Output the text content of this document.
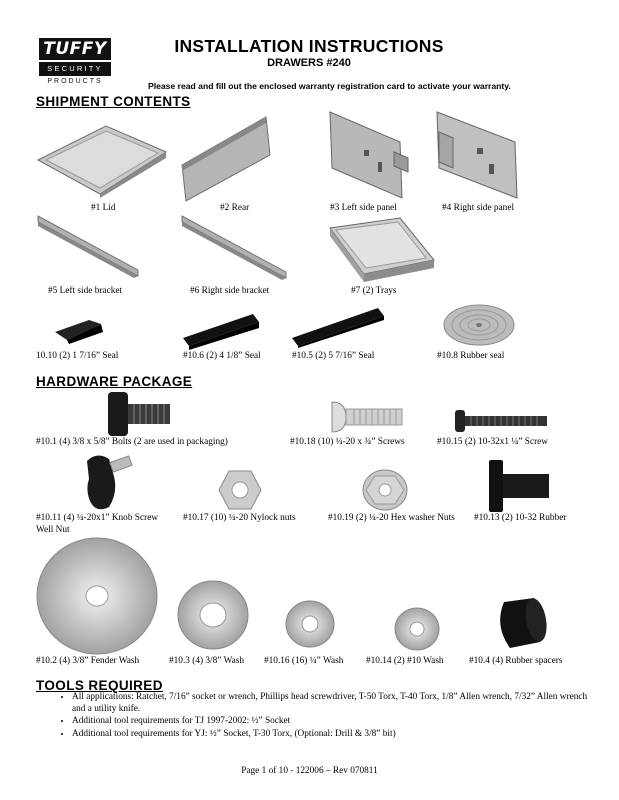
TUFFY
SECURITY
PRODUCTS
INSTALLATION INSTRUCTIONS
DRAWERS #240
Please read and fill out the enclosed warranty registration card to activate your warranty.
SHIPMENT CONTENTS
#1 Lid	#2 Rear	#3 Left side panel	#4 Right side panel
#5 Left side bracket	#6 Right side bracket	#7 (2) Trays
10.10 (2) 1 7/16” Seal	#10.6 (2) 4 1/8” Seal	#10.5 (2) 5 7/16” Seal	#10.8 Rubber seal
HARDWARE PACKAGE
#10.1 (4) 3/8 x 5/8” Bolts (2 are used in packaging)	#10.18 (10) ¼-20 x ¾” Screws	#10.15 (2) 10-32x1 ¼” Screw
#10.11 (4) ¼-20x1” Knob Screw
Well Nut
#10.17 (10) ¼-20 Nylock nuts	#10.19 (2) ¼-20 Hex washer Nuts #10.13 (2) 10-32 Rubber
#10.2 (4) 3/8” Fender Wash	#10.3 (4) 3/8” Wash #10.16 (16) ¼” Wash #10.14 (2) #10 Wash	#10.4 (4) Rubber spacers
TOOLS REQUIRED
• All applications: Ratchet, 7/16” socket or wrench, Phillips head screwdriver, T-50 Torx, T-40 Torx, 1/8” Allen wrench, 7/32” Allen wrench and a utility knife.
• Additional tool requirements for TJ 1997-2002: ½” Socket
• Additional tool requirements for YJ: ½” Socket, T-30 Torx, (Optional: Drill & 3/8” bit)
Page 1 of 10 - 122006 – Rev 070811
